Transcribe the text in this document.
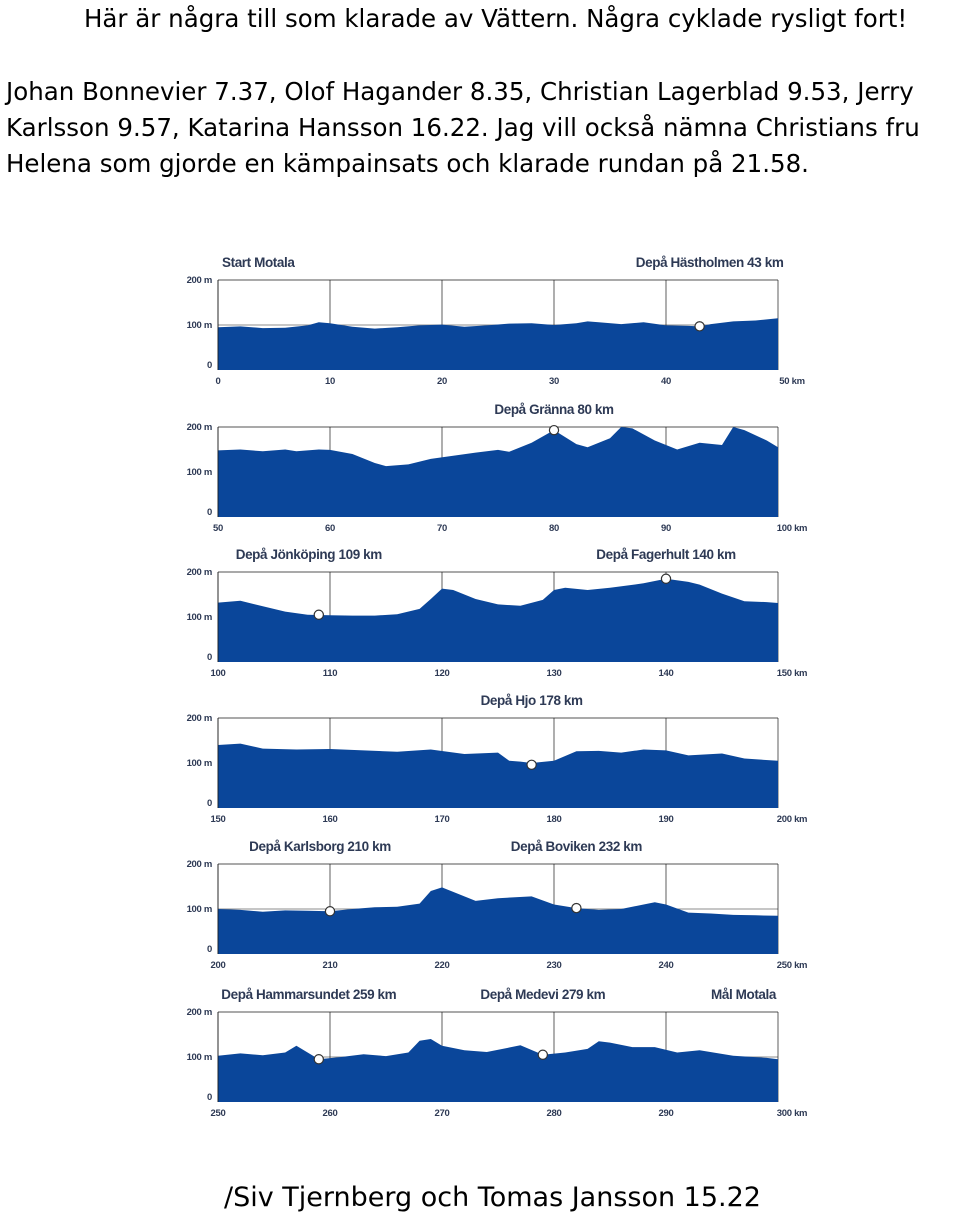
Här är några till som klarade av Vättern. Några cyklade rysligt fort!
Johan Bonnevier 7.37, Olof Hagander 8.35, Christian Lagerblad 9.53, Jerry
Karlsson 9.57, Katarina Hansson 16.22. Jag vill också nämna Christians fru
Helena som gjorde en kämpainsats och klarade rundan på 21.58.
0
100 m
200 m
0	10	20	30	40	50 km
Start Motala	Depå Hästholmen 43 km
0
100 m
200 m
50	60	70	80	90	100 km
Depå Gränna 80 km
0
100 m
200 m
100	110	120	130	140	150 km
Depå Jönköping 109 km	Depå Fagerhult 140 km
0
100 m
200 m
150	160	170	180	190	200 km
Depå Hjo 178 km
0
100 m
200 m
200	210	220	230	240	250 km
Depå Karlsborg 210 km	Depå Boviken 232 km
0
100 m
200 m
250	260	270	280	290	300 km
Depå Hammarsundet 259 km	Depå Medevi 279 km	Mål Motala
/Siv Tjernberg och Tomas Jansson 15.22
